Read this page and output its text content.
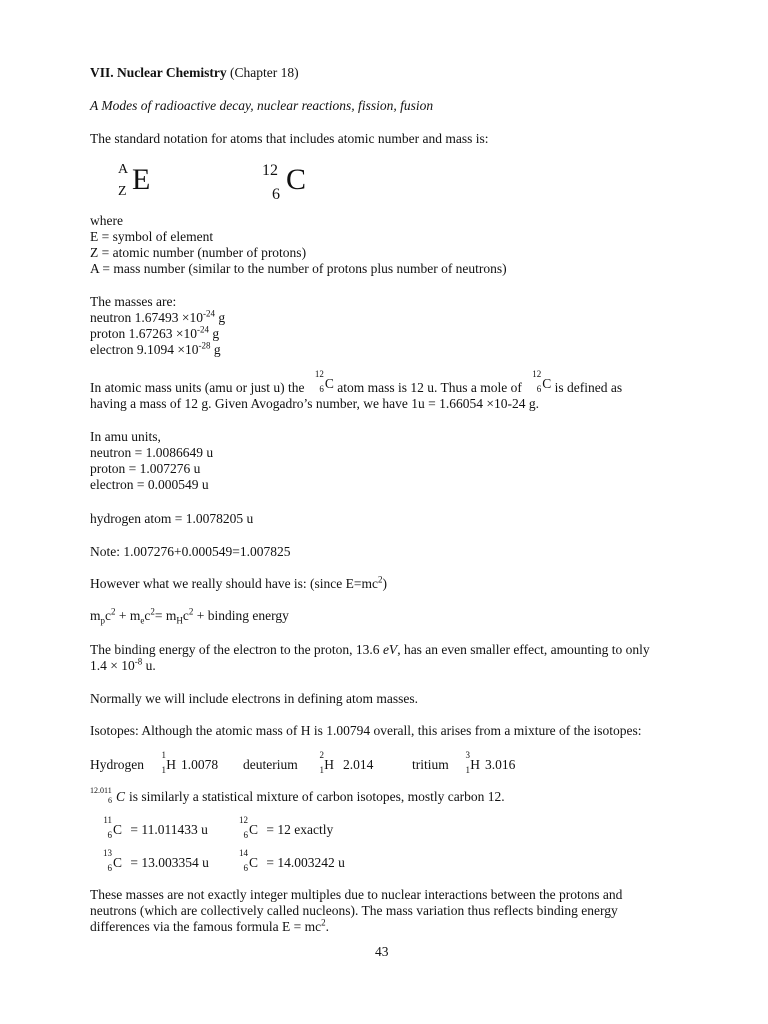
VII. Nuclear Chemistry (Chapter 18)
A Modes of radioactive decay, nuclear reactions, fission, fusion
The standard notation for atoms that includes atomic number and mass is:
A
Z E	12
6 C
where
E = symbol of element
Z = atomic number (number of protons)
A = mass number (similar to the number of protons plus number of neutrons)
The masses are:
neutron $1.67493 \times 10^{-24}$ g
proton $1.67263 \times 10^{-24}$ g
electron $9.1094 \times 10^{-28}$ g
In atomic mass units (amu or just u) the
12
6 C atom mass is 12 u. Thus a mole of
12
6 C is defined as
having a mass of 12 g. Given Avogadro’s number, we have 1u = 1.66054 ×10-24 g.
In amu units,
neutron = 1.0086649 u
proton = 1.007276 u
electron = 0.000549 u
hydrogen atom = 1.0078205 u
Note: 1.007276+0.000549=1.007825
However what we really should have is: (since $E=mc^2$)
$m_pc^2 + m_ec^2= m_Hc^2$ + binding energy
The binding energy of the electron to the proton, 13.6 eV, has an even smaller effect, amounting to only
$1.4 \times 10^{-8}$ u.
Normally we will include electrons in defining atom masses.
Isotopes: Although the atomic mass of H is 1.00794 overall, this arises from a mixture of the isotopes:
Hydrogen
1
1 H 1.0078 deuterium
2
1 H 2.014	tritium
3
1 H 3.016
12.011
6 C is similarly a statistical mixture of carbon isotopes, mostly carbon 12.
11
6 C = 11.011433 u
12
6 C = 12 exactly
13
6 C = 13.003354 u
14
6 C = 14.003242 u
These masses are not exactly integer multiples due to nuclear interactions between the protons and
neutrons (which are collectively called nucleons). The mass variation thus reflects binding energy
differences via the famous formula $E = mc^2$.
43
